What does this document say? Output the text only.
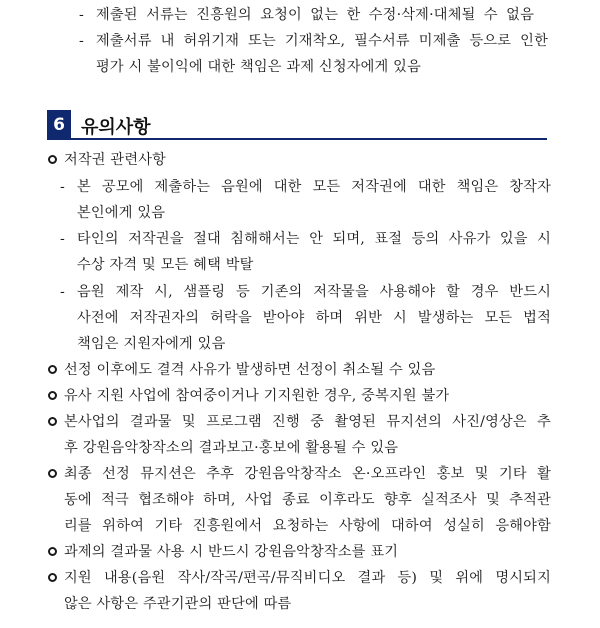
- 제출된 서류는 진흥원의 요청이 없는 한 수정·삭제·대체될 수 없음
- 제출서류 내 허위기재 또는 기재착오, 필수서류 미제출 등으로 인한
평가 시 불이익에 대한 책임은 과제 신청자에게 있음
6 유의사항
저작권 관련사항
- 본 공모에 제출하는 음원에 대한 모든 저작권에 대한 책임은 창작자
본인에게 있음
- 타인의 저작권을 절대 침해해서는 안 되며, 표절 등의 사유가 있을 시
수상 자격 및 모든 혜택 박탈
- 음원 제작 시, 샘플링 등 기존의 저작물을 사용해야 할 경우 반드시
사전에 저작권자의 허락을 받아야 하며 위반 시 발생하는 모든 법적
책임은 지원자에게 있음
선정 이후에도 결격 사유가 발생하면 선정이 취소될 수 있음
유사 지원 사업에 참여중이거나 기지원한 경우, 중복지원 불가
본사업의 결과물 및 프로그램 진행 중 촬영된 뮤지션의 사진/영상은 추
후 강원음악창작소의 결과보고·홍보에 활용될 수 있음
최종 선정 뮤지션은 추후 강원음악창작소 온·오프라인 홍보 및 기타 활
동에 적극 협조해야 하며, 사업 종료 이후라도 향후 실적조사 및 추적관
리를 위하여 기타 진흥원에서 요청하는 사항에 대하여 성실히 응해야함
과제의 결과물 사용 시 반드시 강원음악창작소를 표기
지원 내용(음원 작사/작곡/편곡/뮤직비디오 결과 등) 및 위에 명시되지
않은 사항은 주관기관의 판단에 따름
